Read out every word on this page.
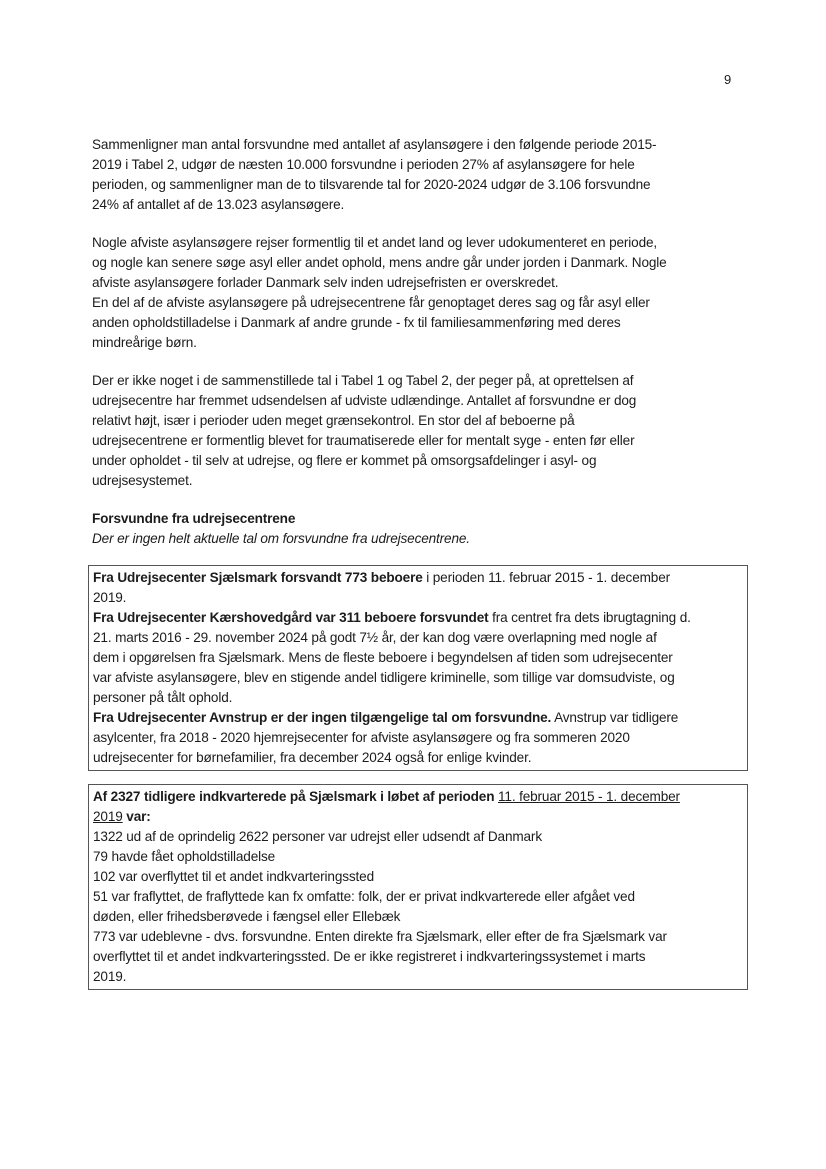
9
Sammenligner man antal forsvundne med antallet af asylansøgere i den følgende periode 2015-
2019 i Tabel 2, udgør de næsten 10.000 forsvundne i perioden 27% af asylansøgere for hele
perioden, og sammenligner man de to tilsvarende tal for 2020-2024 udgør de 3.106 forsvundne
24% af antallet af de 13.023 asylansøgere.
Nogle afviste asylansøgere rejser formentlig til et andet land og lever udokumenteret en periode,
og nogle kan senere søge asyl eller andet ophold, mens andre går under jorden i Danmark. Nogle
afviste asylansøgere forlader Danmark selv inden udrejsefristen er overskredet.
En del af de afviste asylansøgere på udrejsecentrene får genoptaget deres sag og får asyl eller
anden opholdstilladelse i Danmark af andre grunde - fx til familiesammenføring med deres
mindreårige børn.
Der er ikke noget i de sammenstillede tal i Tabel 1 og Tabel 2, der peger på, at oprettelsen af
udrejsecentre har fremmet udsendelsen af udviste udlændinge. Antallet af forsvundne er dog
relativt højt, især i perioder uden meget grænsekontrol. En stor del af beboerne på
udrejsecentrene er formentlig blevet for traumatiserede eller for mentalt syge - enten før eller
under opholdet - til selv at udrejse, og flere er kommet på omsorgsafdelinger i asyl- og
udrejsesystemet.
Forsvundne fra udrejsecentrene
Der er ingen helt aktuelle tal om forsvundne fra udrejsecentrene.
Fra Udrejsecenter Sjælsmark forsvandt 773 beboere i perioden 11. februar 2015 - 1. december
2019.
Fra Udrejsecenter Kærshovedgård var 311 beboere forsvundet fra centret fra dets ibrugtagning d.
21. marts 2016 - 29. november 2024 på godt 7½ år, der kan dog være overlapning med nogle af
dem i opgørelsen fra Sjælsmark. Mens de fleste beboere i begyndelsen af tiden som udrejsecenter
var afviste asylansøgere, blev en stigende andel tidligere kriminelle, som tillige var domsudviste, og
personer på tålt ophold.
Fra Udrejsecenter Avnstrup er der ingen tilgængelige tal om forsvundne. Avnstrup var tidligere
asylcenter, fra 2018 - 2020 hjemrejsecenter for afviste asylansøgere og fra sommeren 2020
udrejsecenter for børnefamilier, fra december 2024 også for enlige kvinder.
Af 2327 tidligere indkvarterede på Sjælsmark i løbet af perioden 11. februar 2015 - 1. december
2019 var:
1322 ud af de oprindelig 2622 personer var udrejst eller udsendt af Danmark
79 havde fået opholdstilladelse
102 var overflyttet til et andet indkvarteringssted
51 var fraflyttet, de fraflyttede kan fx omfatte: folk, der er privat indkvarterede eller afgået ved
døden, eller frihedsberøvede i fængsel eller Ellebæk
773 var udeblevne - dvs. forsvundne. Enten direkte fra Sjælsmark, eller efter de fra Sjælsmark var
overflyttet til et andet indkvarteringssted. De er ikke registreret i indkvarteringssystemet i marts
2019.
